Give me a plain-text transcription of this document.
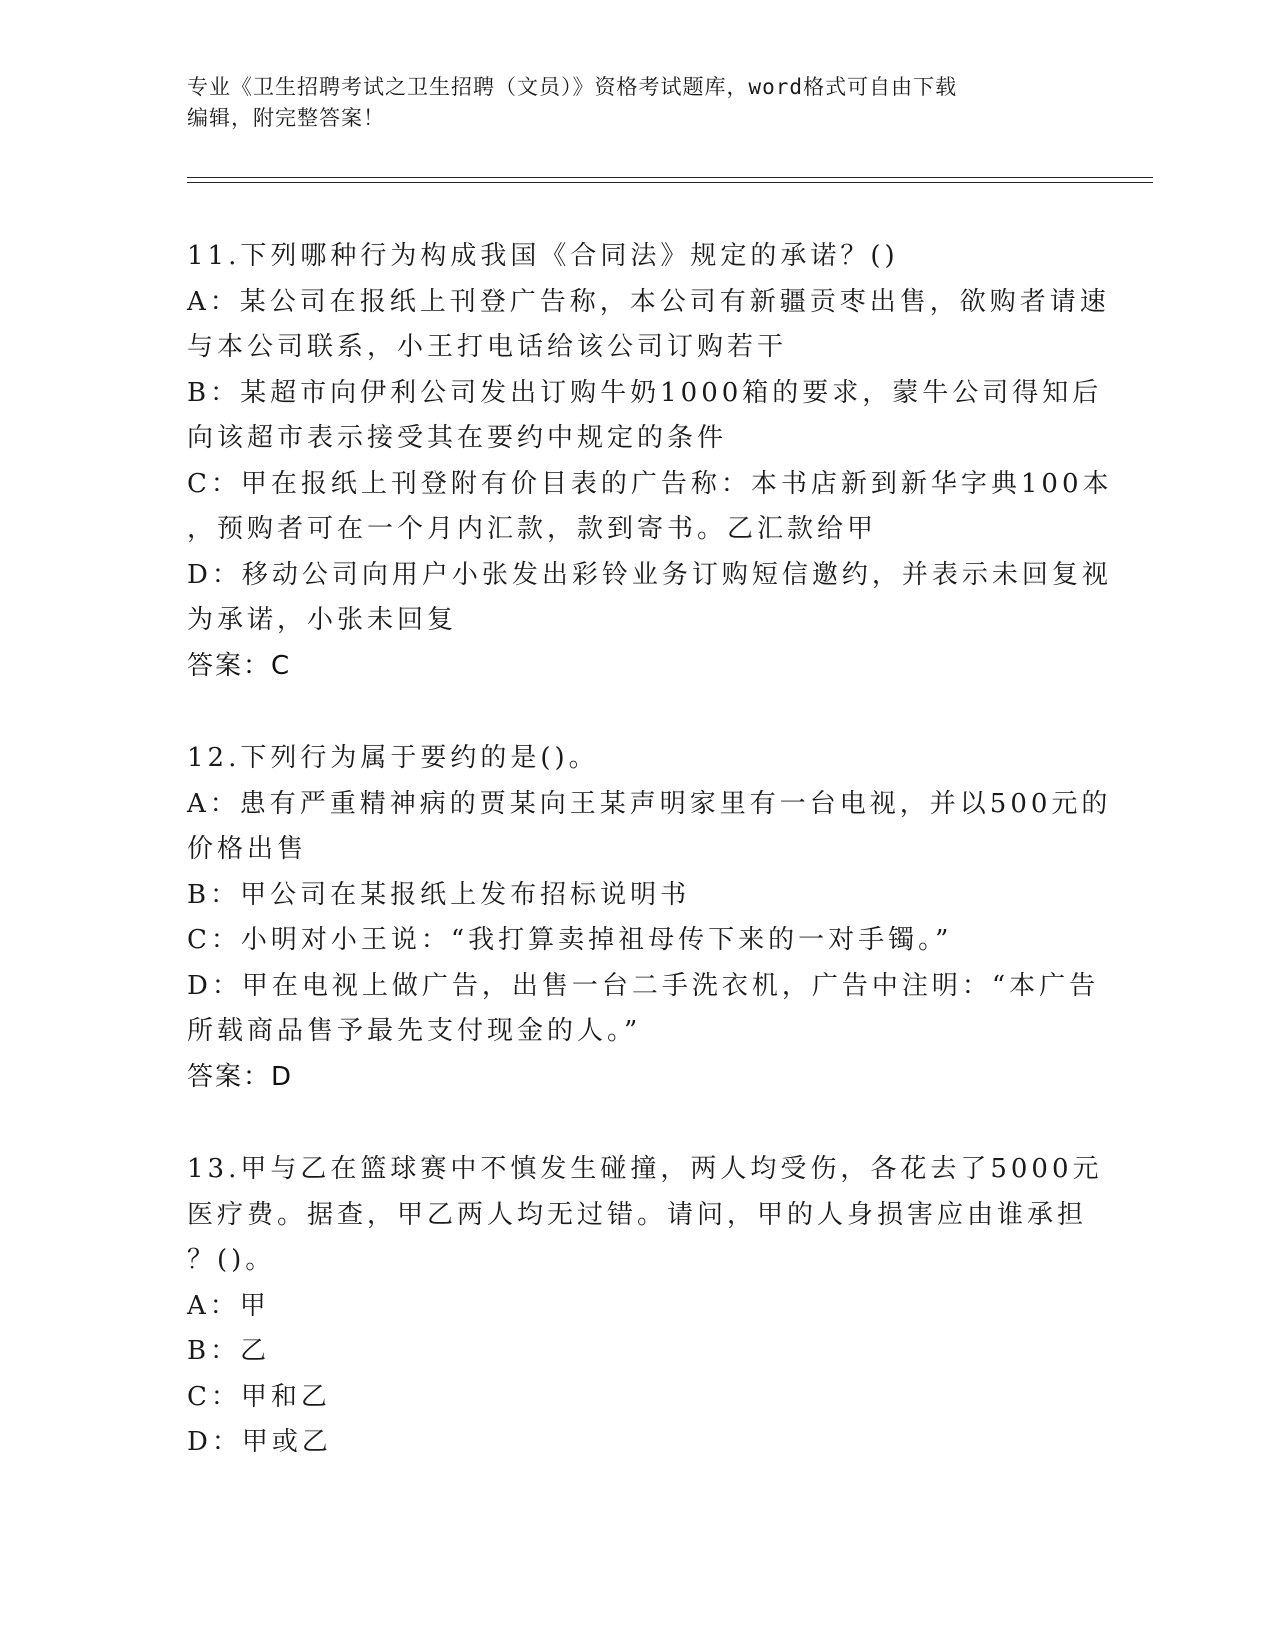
专业《卫生招聘考试之卫生招聘（文员）》资格考试题库，word格式可自由下载
编辑，附完整答案！
11.下列哪种行为构成我国《合同法》规定的承诺？()
A：某公司在报纸上刊登广告称，本公司有新疆贡枣出售，欲购者请速
与本公司联系，小王打电话给该公司订购若干
B：某超市向伊利公司发出订购牛奶1000箱的要求，蒙牛公司得知后
向该超市表示接受其在要约中规定的条件
C：甲在报纸上刊登附有价目表的广告称：本书店新到新华字典100本
，预购者可在一个月内汇款，款到寄书。乙汇款给甲
D：移动公司向用户小张发出彩铃业务订购短信邀约，并表示未回复视
为承诺，小张未回复
答案：C
12.下列行为属于要约的是()。
A：患有严重精神病的贾某向王某声明家里有一台电视，并以500元的
价格出售
B：甲公司在某报纸上发布招标说明书
C：小明对小王说：“我打算卖掉祖母传下来的一对手镯。”
D：甲在电视上做广告，出售一台二手洗衣机，广告中注明：“本广告
所载商品售予最先支付现金的人。”
答案：D
13.甲与乙在篮球赛中不慎发生碰撞，两人均受伤，各花去了5000元
医疗费。据查，甲乙两人均无过错。请问，甲的人身损害应由谁承担
？()。
A：甲
B：乙
C：甲和乙
D：甲或乙
